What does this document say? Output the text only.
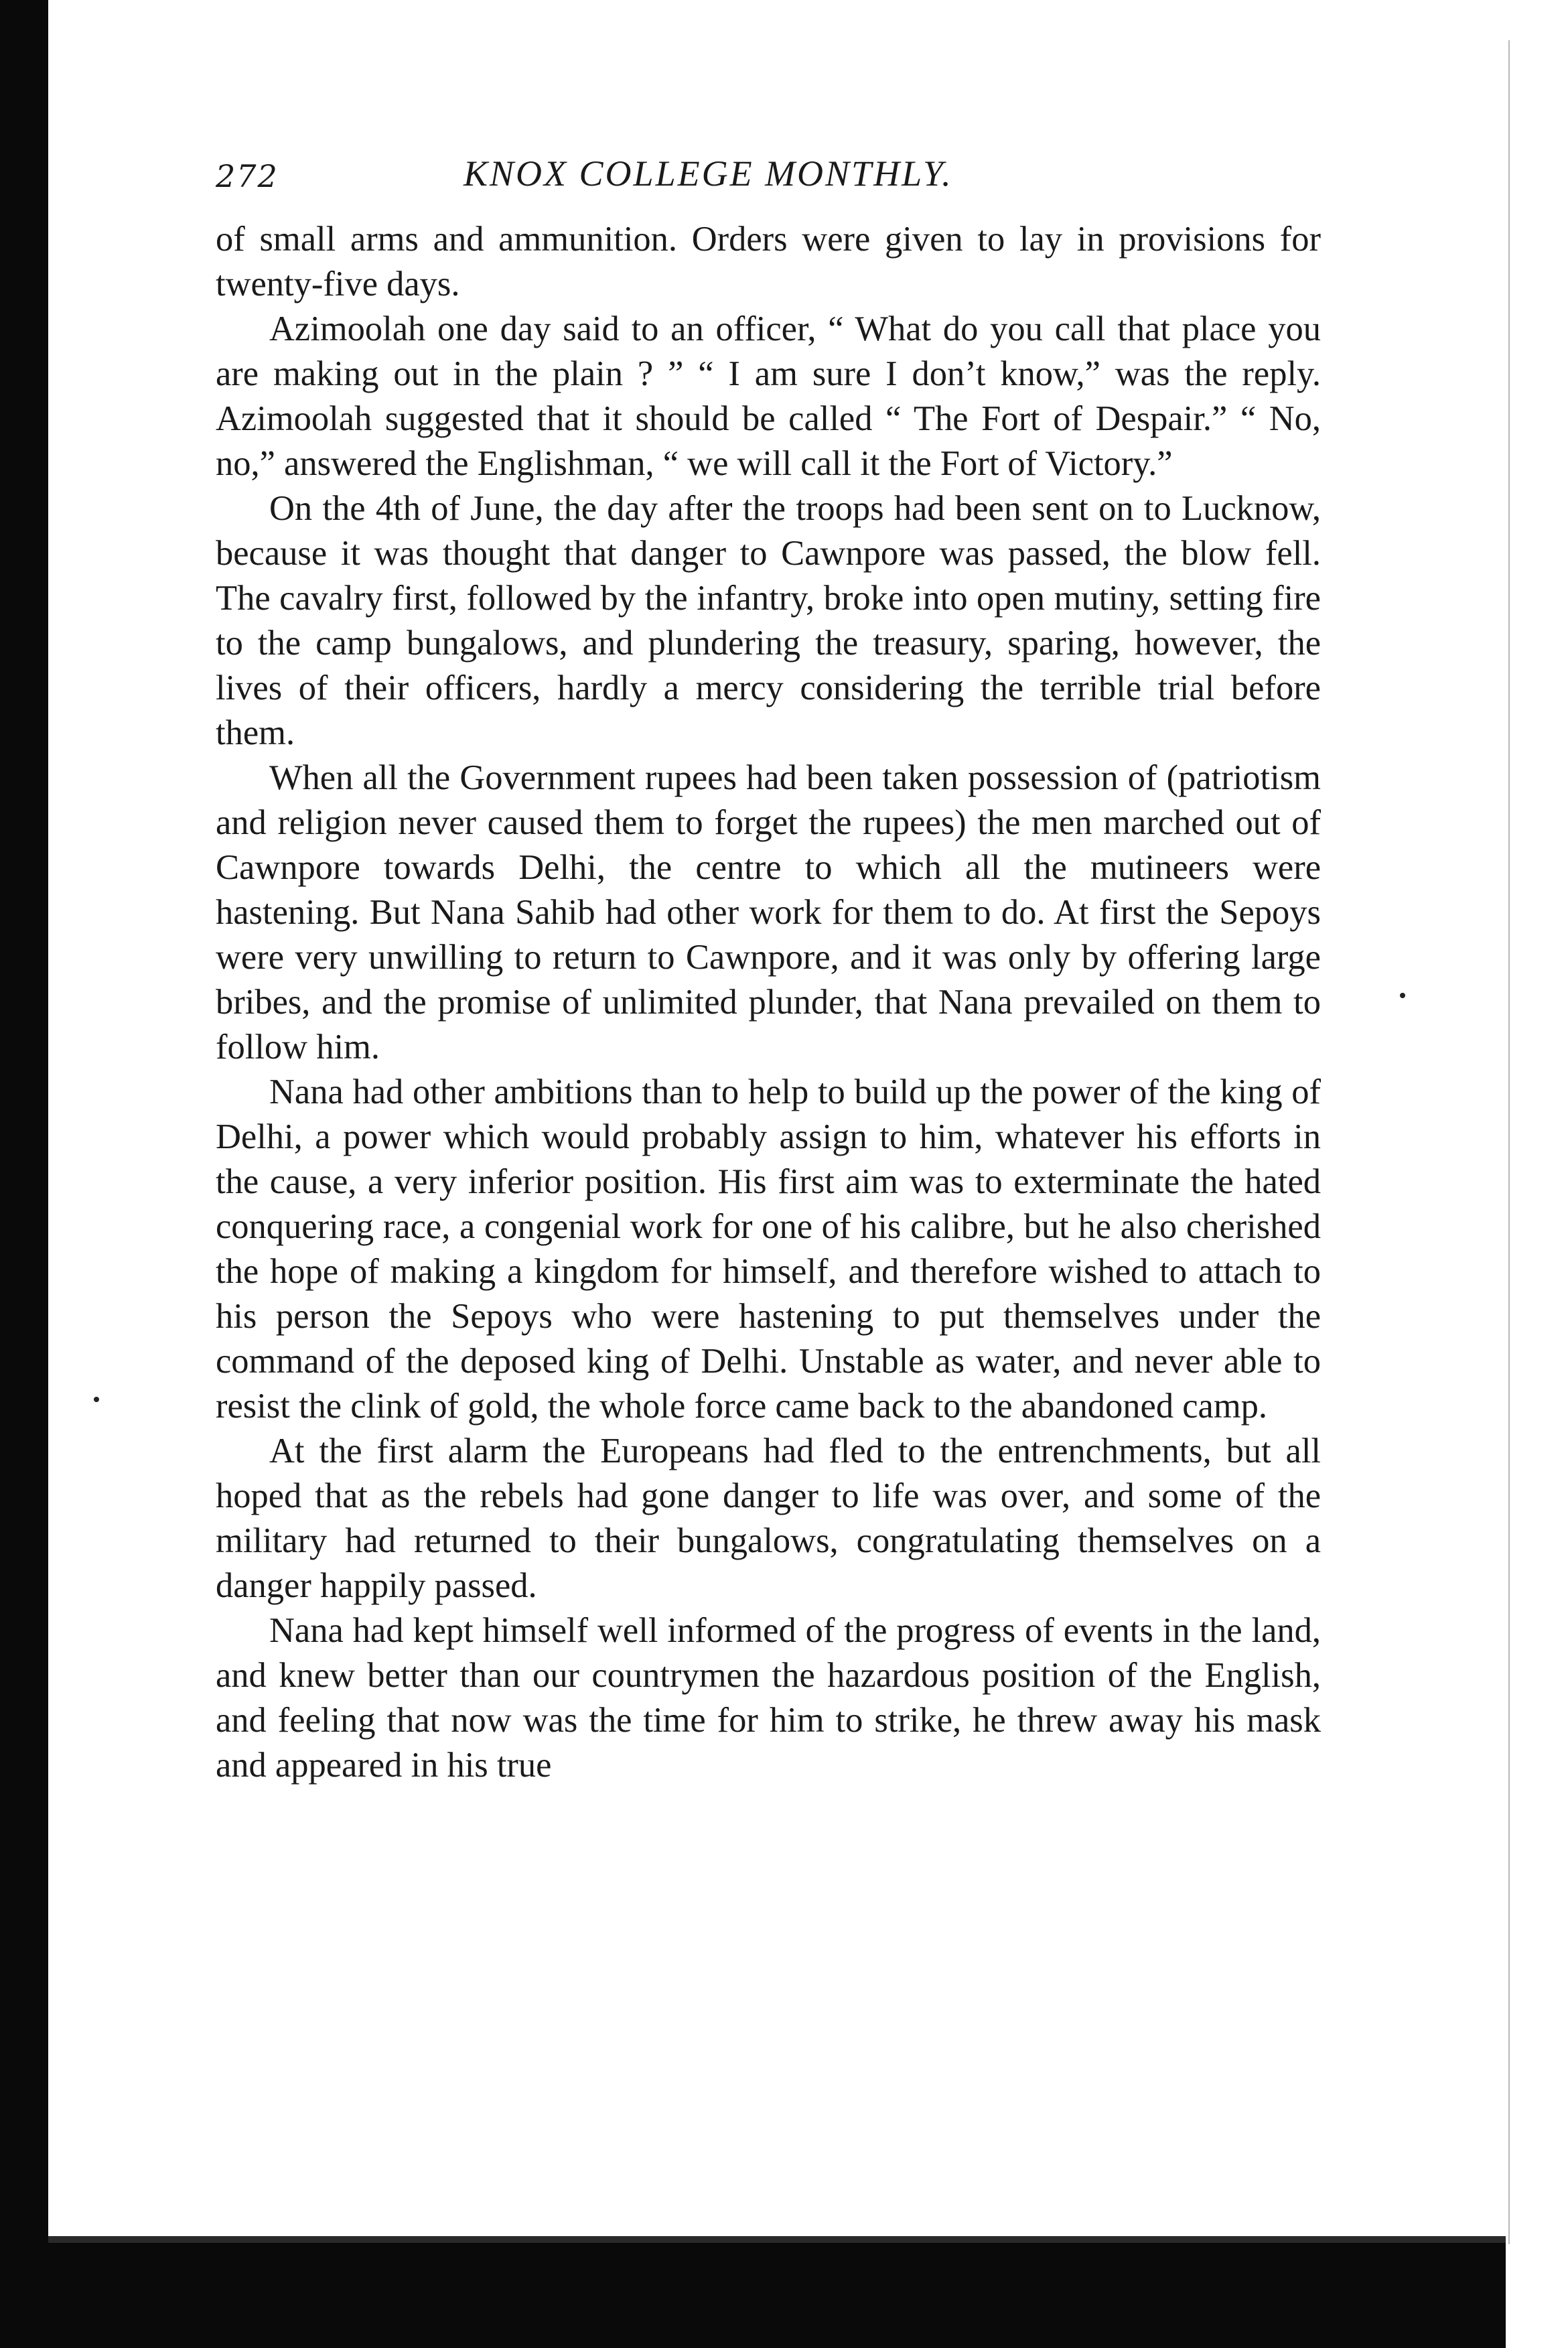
272	KNOX COLLEGE MONTHLY.

of small arms and ammunition. Orders were given to lay in provisions for twenty-five days.

Azimoolah one day said to an officer, “ What do you call that place you are making out in the plain ? ” “ I am sure I don’t know,” was the reply. Azimoolah suggested that it should be called “ The Fort of Despair.” “ No, no,” answered the Englishman, “ we will call it the Fort of Victory.”

On the 4th of June, the day after the troops had been sent on to Lucknow, because it was thought that danger to Cawnpore was passed, the blow fell. The cavalry first, followed by the infantry, broke into open mutiny, setting fire to the camp bungalows, and plundering the treasury, sparing, however, the lives of their officers, hardly a mercy considering the terrible trial before them.

When all the Government rupees had been taken possession of (patriotism and religion never caused them to forget the rupees) the men marched out of Cawnpore towards Delhi, the centre to which all the mutineers were hastening. But Nana Sahib had other work for them to do. At first the Sepoys were very unwilling to return to Cawnpore, and it was only by offering large bribes, and the promise of unlimited plunder, that Nana prevailed on them to follow him.

Nana had other ambitions than to help to build up the power of the king of Delhi, a power which would probably assign to him, whatever his efforts in the cause, a very inferior position. His first aim was to exterminate the hated conquering race, a congenial work for one of his calibre, but he also cherished the hope of making a kingdom for himself, and therefore wished to attach to his person the Sepoys who were hastening to put themselves under the command of the deposed king of Delhi. Unstable as water, and never able to resist the clink of gold, the whole force came back to the abandoned camp.

At the first alarm the Europeans had fled to the entrenchments, but all hoped that as the rebels had gone danger to life was over, and some of the military had returned to their bungalows, congratulating themselves on a danger happily passed.

Nana had kept himself well informed of the progress of events in the land, and knew better than our countrymen the hazardous position of the English, and feeling that now was the time for him to strike, he threw away his mask and appeared in his true
